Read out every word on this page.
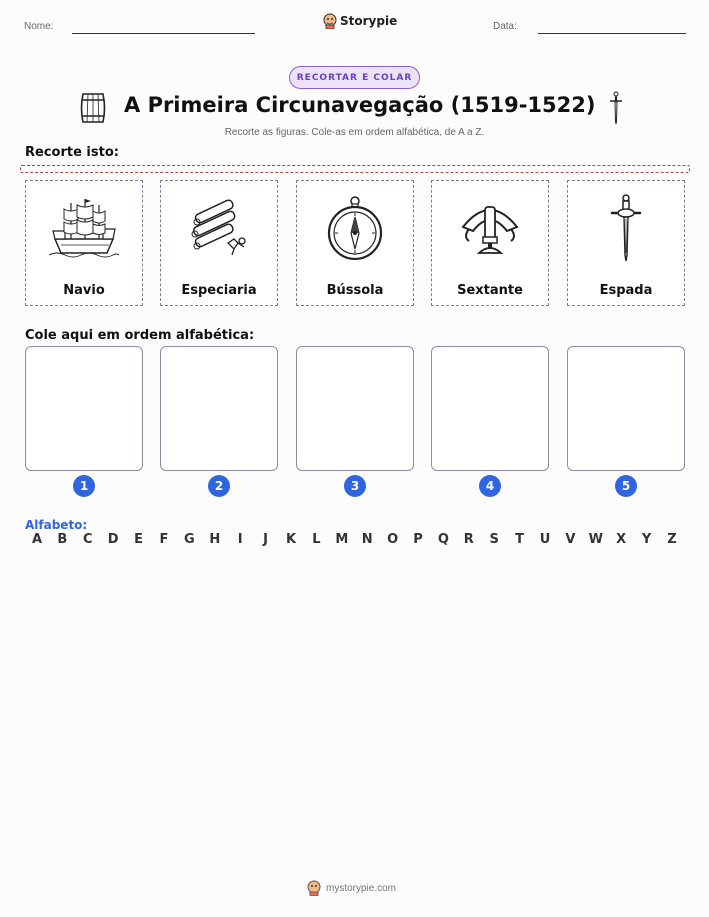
Nome:	Storypie	Data:
RECORTAR E COLAR
A Primeira Circunavegação (1519-1522)
Recorte as figuras. Cole-as em ordem alfabética, de A a Z.
Recorte isto:
Navio	Especiaria	Bússola	Sextante	Espada
Cole aqui em ordem alfabética:
1	2	3	4	5
Alfabeto:
A	B	C	D	E	F	G	H	I	J	K	L	M	N	O	P	Q	R	S	T	U	V	W	X	Y	Z
mystorypie.com
